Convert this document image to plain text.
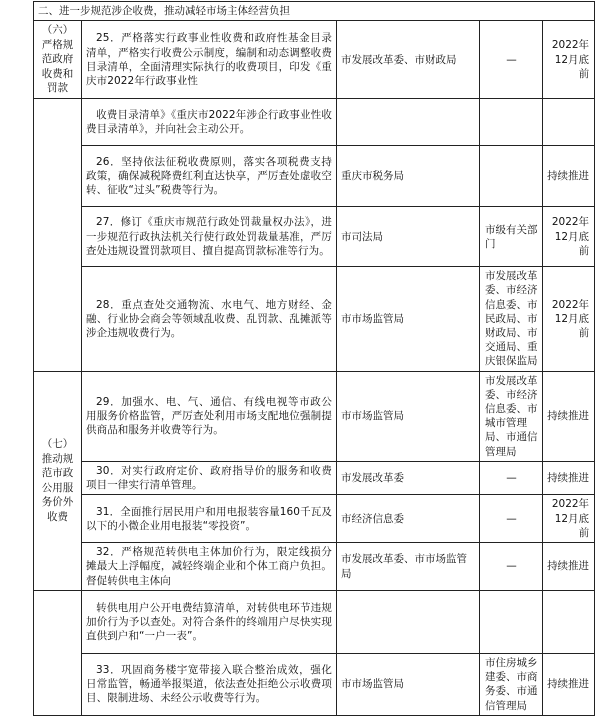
二、进一步规范涉企收费，推动减轻市场主体经营负担				
（六）严格规范政府收费和罚款	25．严格落实行政事业性收费和政府性基金目录清单，严格实行收费公示制度，编制和动态调整收费目录清单，全面清理实际执行的收费项目，印发《重庆市2022年行政事业性	市发展改革委、市财政局	—	2022年12月底前
	收费目录清单》《重庆市2022年涉企行政事业性收费目录清单》，并向社会主动公开。			
	26．坚持依法征税收费原则，落实各项税费支持政策，确保减税降费红利直达快享，严厉查处虚收空转、征收“过头”税费等行为。	重庆市税务局		持续推进
	27．修订《重庆市规范行政处罚裁量权办法》，进一步规范行政执法机关行使行政处罚裁量基准，严厉查处违规设置罚款项目、擅自提高罚款标准等行为。	市司法局	市级有关部门	2022年12月底前
	28．重点查处交通物流、水电气、地方财经、金融、行业协会商会等领域乱收费、乱罚款、乱摊派等涉企违规收费行为。	市市场监管局	市发展改革委、市经济信息委、市民政局、市财政局、市交通局、重庆银保监局	2022年12月底前
（七）推动规范市政公用服务价外收费	29．加强水、电、气、通信、有线电视等市政公用服务价格监管，严厉查处利用市场支配地位强制提供商品和服务并收费等行为。	市市场监管局	市发展改革委、市经济信息委、市城市管理局、市通信管理局	持续推进
	30．对实行政府定价、政府指导价的服务和收费项目一律实行清单管理。	市发展改革委	—	持续推进
	31．全面推行居民用户和用电报装容量160千瓦及以下的小微企业用电报装“零投资”。	市经济信息委	—	2022年12月底前
	32．严格规范转供电主体加价行为，限定线损分摊最大上浮幅度，减轻终端企业和个体工商户负担。督促转供电主体向	市发展改革委、市市场监管局	—	持续推进
	转供电用户公开电费结算清单，对转供电环节违规加价行为予以查处。对符合条件的终端用户尽快实现直供到户和“一户一表”。			
	33．巩固商务楼宇宽带接入联合整治成效，强化日常监管，畅通举报渠道，依法查处拒绝公示收费项目、限制进场、未经公示收费等行为。	市市场监管局	市住房城乡建委、市商务委、市通信管理局	持续推进
